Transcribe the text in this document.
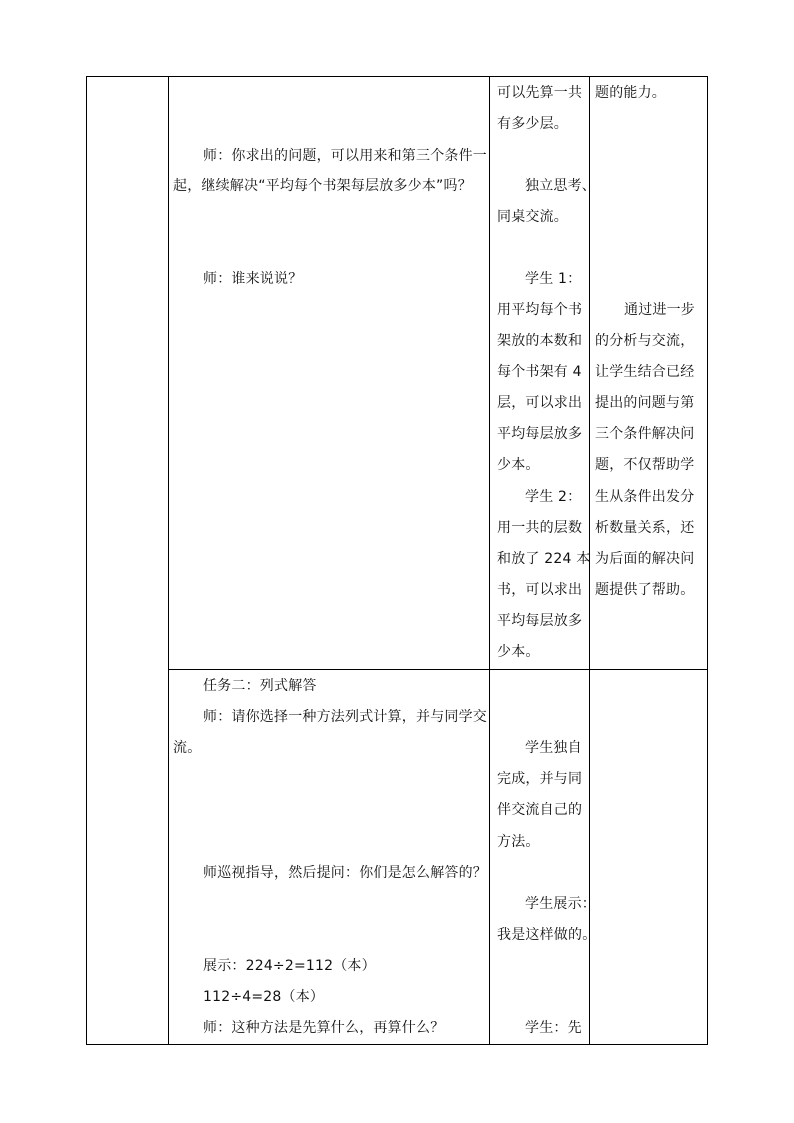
师：你求出的问题，可以用来和第三个条件一
起，继续解决“平均每个书架每层放多少本”吗？
师：谁来说说？
可以先算一共
有多少层。
独立思考、
同桌交流。
学生 1：
用平均每个书
架放的本数和
每个书架有 4
层，可以求出
平均每层放多
少本。
学生 2：
用一共的层数
和放了 224 本
书，可以求出
平均每层放多
少本。
题的能力。
通过进一步
的分析与交流，
让学生结合已经
提出的问题与第
三个条件解决问
题，不仅帮助学
生从条件出发分
析数量关系，还
为后面的解决问
题提供了帮助。
任务二：列式解答
师：请你选择一种方法列式计算，并与同学交
流。
师巡视指导，然后提问：你们是怎么解答的？
展示：224÷2=112（本）
112÷4=28（本）
师：这种方法是先算什么，再算什么？
学生独自
完成，并与同
伴交流自己的
方法。
学生展示：
我是这样做的。
学生：先
